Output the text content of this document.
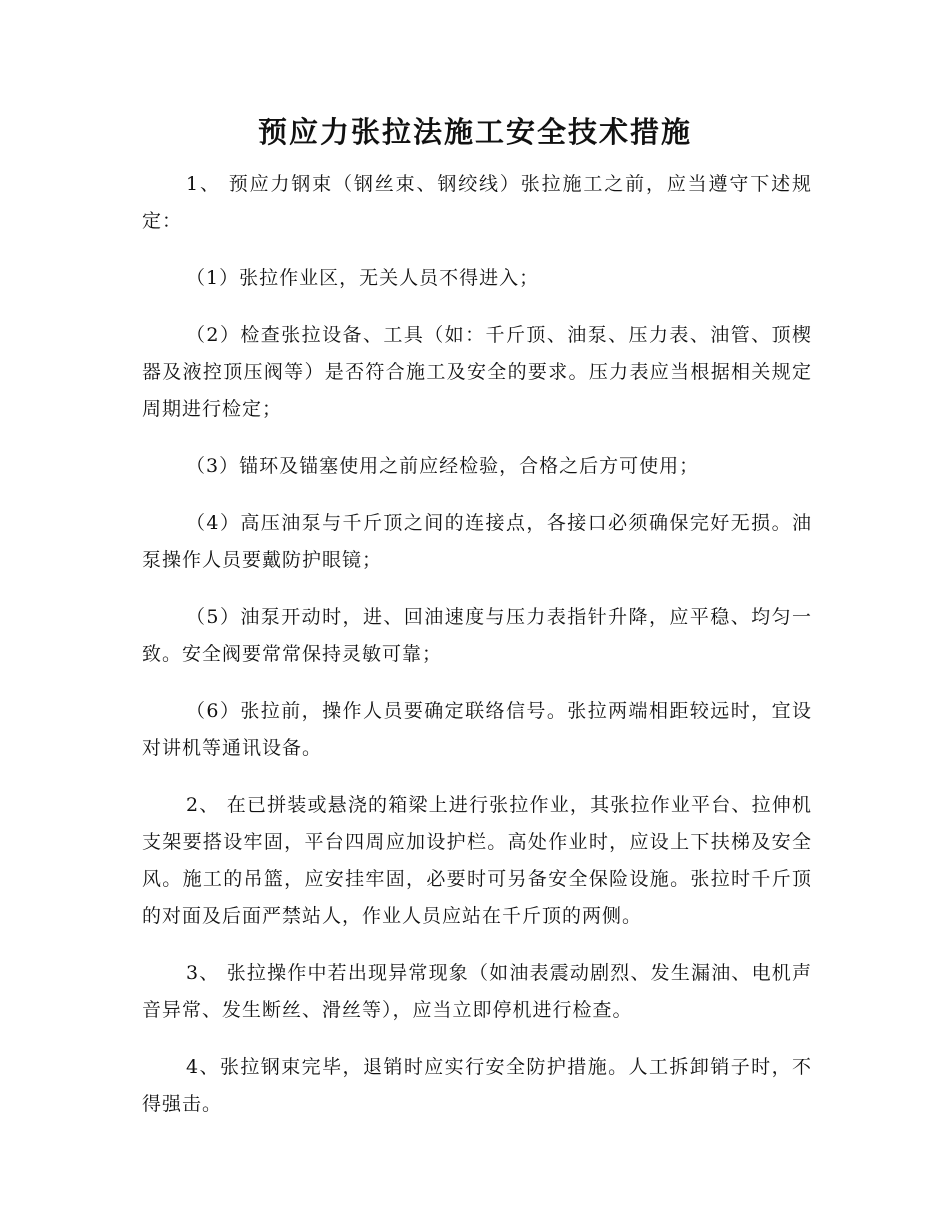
预应力张拉法施工安全技术措施

1、 预应力钢束（钢丝束、钢绞线）张拉施工之前，应当遵守下述规定：

（1）张拉作业区，无关人员不得进入；

（2）检查张拉设备、工具（如：千斤顶、油泵、压力表、油管、顶楔器及液控顶压阀等）是否符合施工及安全的要求。压力表应当根据相关规定周期进行检定；

（3）锚环及锚塞使用之前应经检验，合格之后方可使用；

（4）高压油泵与千斤顶之间的连接点，各接口必须确保完好无损。油泵操作人员要戴防护眼镜；

（5）油泵开动时，进、回油速度与压力表指针升降，应平稳、均匀一致。安全阀要常常保持灵敏可靠；

（6）张拉前，操作人员要确定联络信号。张拉两端相距较远时，宜设对讲机等通讯设备。

2、 在已拼装或悬浇的箱梁上进行张拉作业，其张拉作业平台、拉伸机支架要搭设牢固，平台四周应加设护栏。高处作业时，应设上下扶梯及安全风。施工的吊篮，应安挂牢固，必要时可另备安全保险设施。张拉时千斤顶的对面及后面严禁站人，作业人员应站在千斤顶的两侧。

3、 张拉操作中若出现异常现象（如油表震动剧烈、发生漏油、电机声音异常、发生断丝、滑丝等），应当立即停机进行检查。

4、张拉钢束完毕，退销时应实行安全防护措施。人工拆卸销子时，不得强击。
